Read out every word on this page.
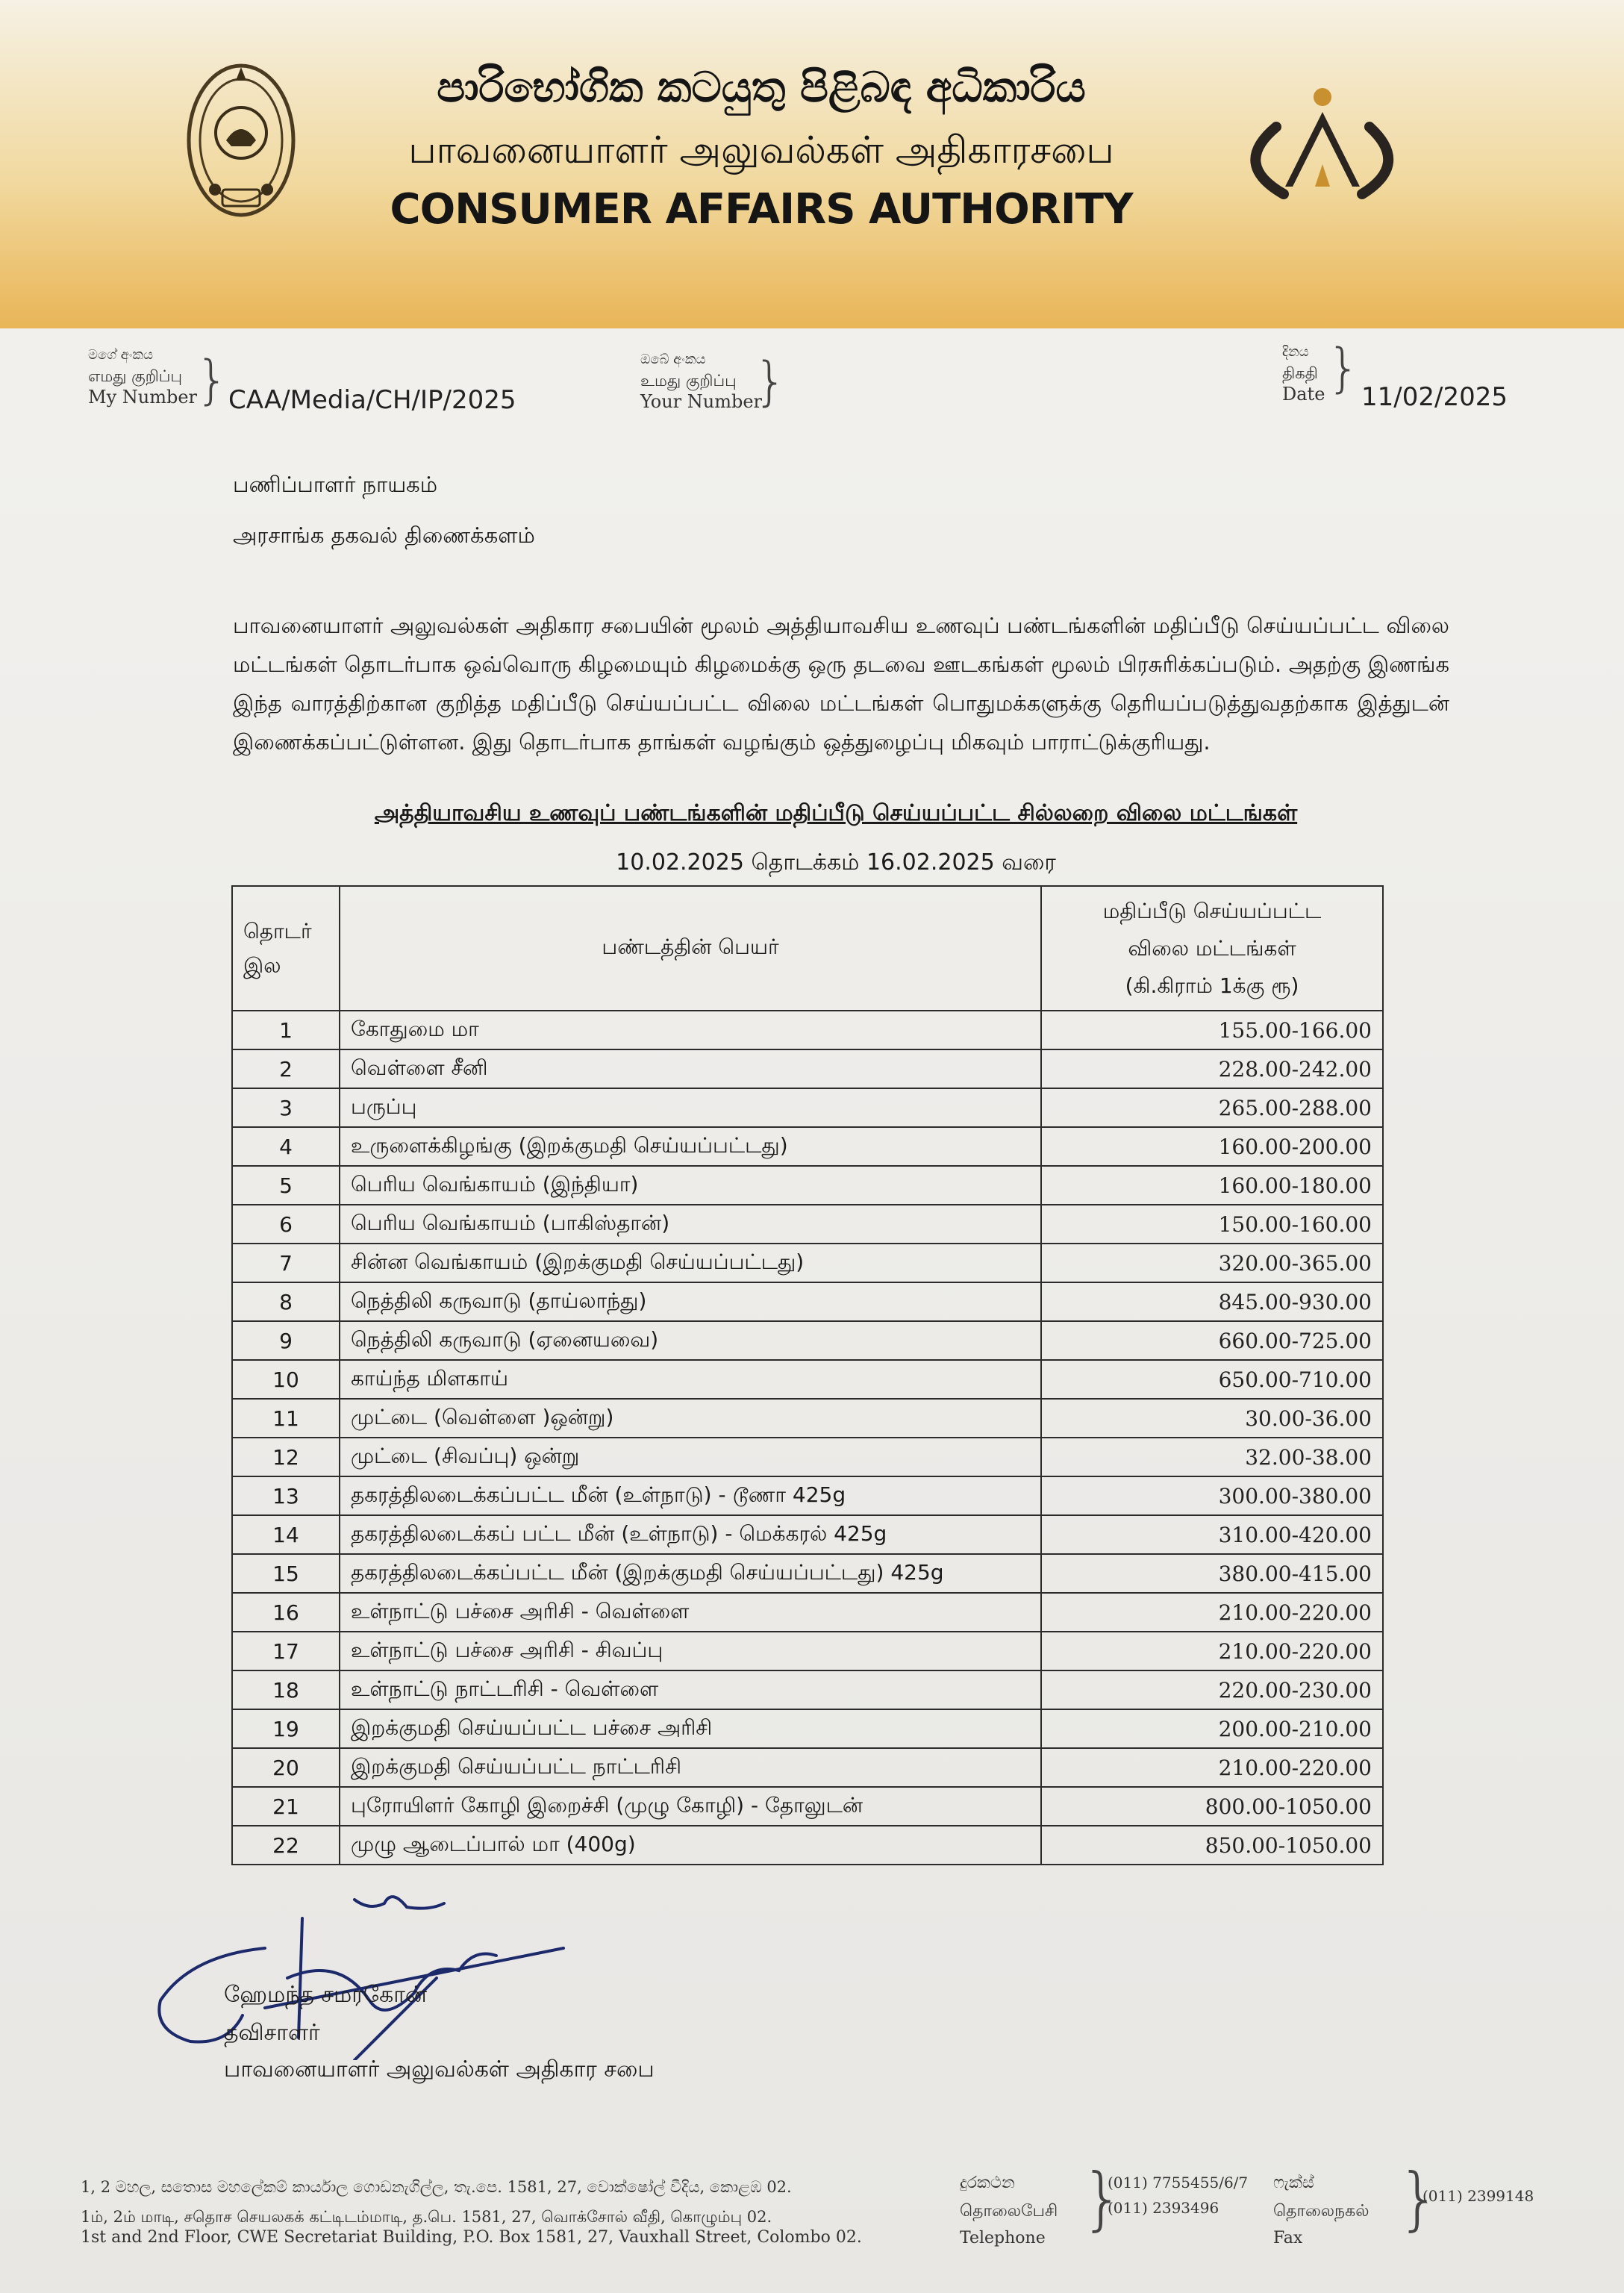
පාරිභෝගික කටයුතු පිළිබඳ අධිකාරිය
பாவனையாளர் அலுவல்கள் அதிகாரசபை
CONSUMER AFFAIRS AUTHORITY
මගේ අංකය
எமது குறிப்பு
My Number
} CAA/Media/CH/IP/2025
ඔබේ අංකය
உமது குறிப்பு
Your Number
}	දිනය
திகதி
Date } 11/02/2025
பணிப்பாளர் நாயகம்
அரசாங்க தகவல் திணைக்களம்
பாவனையாளர் அலுவல்கள் அதிகார சபையின் மூலம் அத்தியாவசிய உணவுப் பண்டங்களின் மதிப்பீடு செய்யப்பட்ட விலை மட்டங்கள் தொடர்பாக ஒவ்வொரு கிழமையும் கிழமைக்கு ஒரு தடவை ஊடகங்கள் மூலம் பிரசுரிக்கப்படும். அதற்கு இணங்க இந்த வாரத்திற்கான குறித்த மதிப்பீடு செய்யப்பட்ட விலை மட்டங்கள் பொதுமக்களுக்கு தெரியப்படுத்துவதற்காக இத்துடன் இணைக்கப்பட்டுள்ளன. இது தொடர்பாக தாங்கள் வழங்கும் ஒத்துழைப்பு மிகவும் பாராட்டுக்குரியது.
அத்தியாவசிய உணவுப் பண்டங்களின் மதிப்பீடு செய்யப்பட்ட சில்லறை விலை மட்டங்கள்
10.02.2025 தொடக்கம் 16.02.2025 வரை
தொடர்
இல	பண்டத்தின் பெயர்	மதிப்பீடு செய்யப்பட்ட
விலை மட்டங்கள்
(கி.கிராம் 1க்கு ரூ)
1	கோதுமை மா	155.00-166.00
2	வெள்ளை சீனி	228.00-242.00
3	பருப்பு	265.00-288.00
4	உருளைக்கிழங்கு (இறக்குமதி செய்யப்பட்டது)	160.00-200.00
5	பெரிய வெங்காயம் (இந்தியா)	160.00-180.00
6	பெரிய வெங்காயம் (பாகிஸ்தான்)	150.00-160.00
7	சின்ன வெங்காயம் (இறக்குமதி செய்யப்பட்டது)	320.00-365.00
8	நெத்திலி கருவாடு (தாய்லாந்து)	845.00-930.00
9	நெத்திலி கருவாடு (ஏனையவை)	660.00-725.00
10	காய்ந்த மிளகாய்	650.00-710.00
11	முட்டை (வெள்ளை )ஒன்று)	30.00-36.00
12	முட்டை (சிவப்பு) ஒன்று	32.00-38.00
13	தகரத்திலடைக்கப்பட்ட மீன் (உள்நாடு) - டூணா 425g	300.00-380.00
14	தகரத்திலடைக்கப் பட்ட மீன் (உள்நாடு) - மெக்கரல் 425g	310.00-420.00
15	தகரத்திலடைக்கப்பட்ட மீன் (இறக்குமதி செய்யப்பட்டது) 425g	380.00-415.00
16	உள்நாட்டு பச்சை அரிசி - வெள்ளை	210.00-220.00
17	உள்நாட்டு பச்சை அரிசி - சிவப்பு	210.00-220.00
18	உள்நாட்டு நாட்டரிசி - வெள்ளை	220.00-230.00
19	இறக்குமதி செய்யப்பட்ட பச்சை அரிசி	200.00-210.00
20	இறக்குமதி செய்யப்பட்ட நாட்டரிசி	210.00-220.00
21	புரோயிளர் கோழி இறைச்சி (முழு கோழி) - தோலுடன்	800.00-1050.00
22	முழு ஆடைப்பால் மா (400g)	850.00-1050.00
ஹேமந்த சமரகோன்
தவிசாளர்
பாவனையாளர் அலுவல்கள் அதிகார சபை
1, 2 මහල, සතොස මහලේකම් කාර්යාල ගොඩනැගිල්ල, තැ.පෙ. 1581, 27, වොක්ෂෝල් වීදිය, කොළඹ 02.
1ம், 2ம் மாடி, சதொச செயலகக் கட்டிடம்மாடி, த.பெ. 1581, 27, வொக்சோல் வீதி, கொழும்பு 02.
1st and 2nd Floor, CWE Secretariat Building, P.O. Box 1581, 27, Vauxhall Street, Colombo 02.
දුරකථන
தொலைபேசி
Telephone }
(011) 7755455/6/7
(011) 2393496
ෆැක්ස්
தொலைநகல்
Fax }
(011) 2399148
